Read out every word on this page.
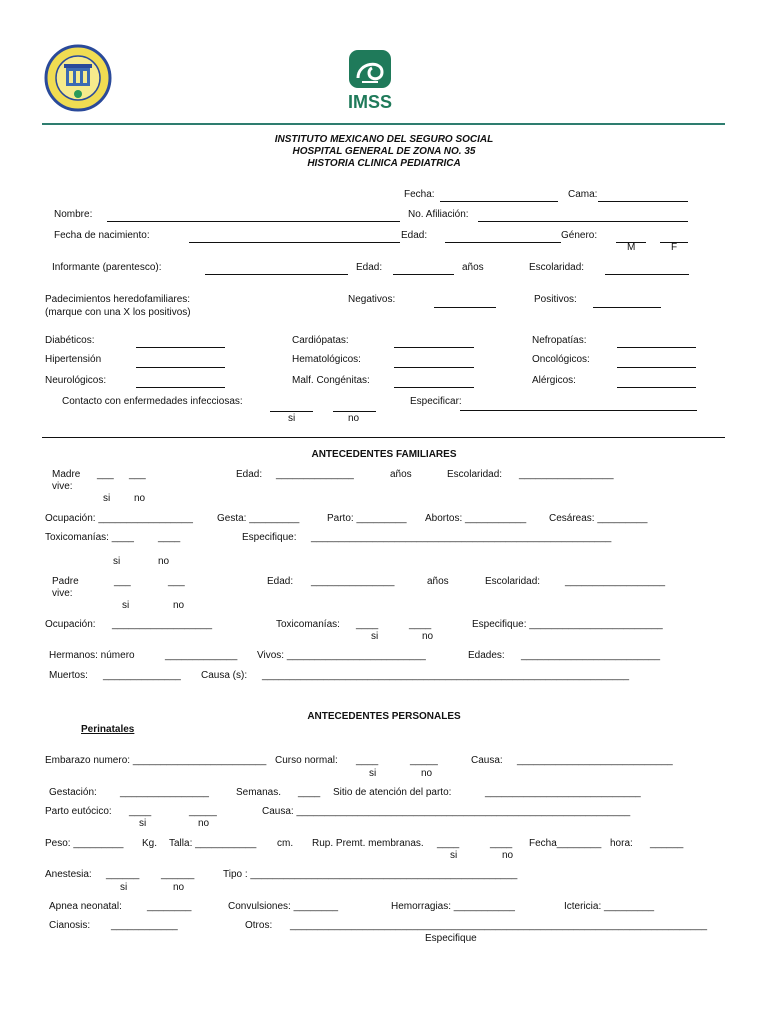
IMSS
INSTITUTO MEXICANO DEL SEGURO SOCIAL
HOSPITAL GENERAL DE ZONA NO. 35
HISTORIA CLINICA PEDIATRICA
Fecha:	Cama:
Nombre:	No. Afiliación:
Fecha de nacimiento:	Edad:	Género:
M	F
Informante (parentesco):	Edad:	años	Escolaridad:
Padecimientos heredofamiliares:
(marque con una X los positivos)
Negativos:	Positivos:
Diabéticos:	Cardiópatas:	Nefropatías:
Hipertensión	Hematológicos:	Oncológicos:
Neurológicos:	Malf. Congénitas:	Alérgicos:
Contacto con enfermedades infecciosas:	Especificar:
si	no
ANTECEDENTES FAMILIARES
Madre
vive:
___ ___
si no
Edad: ______________	años	Escolaridad: _________________
Ocupación: _________________ Gesta: _________	Parto: _________ Abortos: ___________ Cesáreas: _________
Toxicomanías: ____ ____	Especifique: ______________________________________________________
si	no
Padre
vive:
___	___
si	no
Edad: _______________	años	Escolaridad: __________________
Ocupación: __________________	Toxicomanías: ____	____
si	no
Especifique: ________________________
Hermanos: número	_____________ Vivos: _________________________	Edades: _________________________
Muertos: ______________ Causa (s): __________________________________________________________________
ANTECEDENTES PERSONALES
Perinatales
Embarazo numero: ________________________ Curso normal: ____	_____
si	no
Causa: ____________________________
Gestación: ________________	Semanas. ____ Sitio de atención del parto:	____________________________
Parto eutócico: ____	_____
si	no
Causa: ____________________________________________________________
Peso: _________ Kg. Talla: ___________ cm. Rup. Premt. membranas. ____	____
si	no
Fecha________ hora: ______
Anestesia: ______ ______
si	no
Tipo : ________________________________________________
Apnea neonatal:	________	Convulsiones: ________	Hemorragias: ___________	Ictericia: _________
Cianosis: ____________	Otros: ___________________________________________________________________________
Especifique
